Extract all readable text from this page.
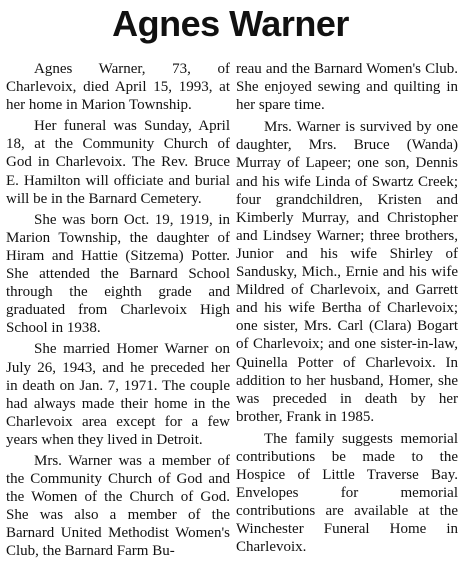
Agnes Warner

Agnes Warner, 73, of Charlevoix, died April 15, 1993, at her home in Marion Township.

Her funeral was Sunday, April 18, at the Community Church of God in Charlevoix. The Rev. Bruce E. Hamilton will officiate and burial will be in the Barnard Cemetery.

She was born Oct. 19, 1919, in Marion Township, the daughter of Hiram and Hattie (Sitzema) Potter. She attended the Barnard School through the eighth grade and graduated from Charlevoix High School in 1938.

She married Homer Warner on July 26, 1943, and he preceded her in death on Jan. 7, 1971. The couple had always made their home in the Charlevoix area except for a few years when they lived in Detroit.

Mrs. Warner was a member of the Community Church of God and the Women of the Church of God. She was also a member of the Barnard United Methodist Women's Club, the Barnard Farm Bu-

reau and the Barnard Women's Club. She enjoyed sewing and quilting in her spare time.

Mrs. Warner is survived by one daughter, Mrs. Bruce (Wanda) Murray of Lapeer; one son, Dennis and his wife Linda of Swartz Creek; four grandchildren, Kristen and Kimberly Murray, and Christopher and Lindsey Warner; three brothers, Junior and his wife Shirley of Sandusky, Mich., Ernie and his wife Mildred of Charlevoix, and Garrett and his wife Bertha of Charlevoix; one sister, Mrs. Carl (Clara) Bogart of Charlevoix; and one sister-in-law, Quinella Potter of Charlevoix. In addition to her husband, Homer, she was preceded in death by her brother, Frank in 1985.

The family suggests memorial contributions be made to the Hospice of Little Traverse Bay. Envelopes for memorial contributions are available at the Winchester Funeral Home in Charlevoix.
